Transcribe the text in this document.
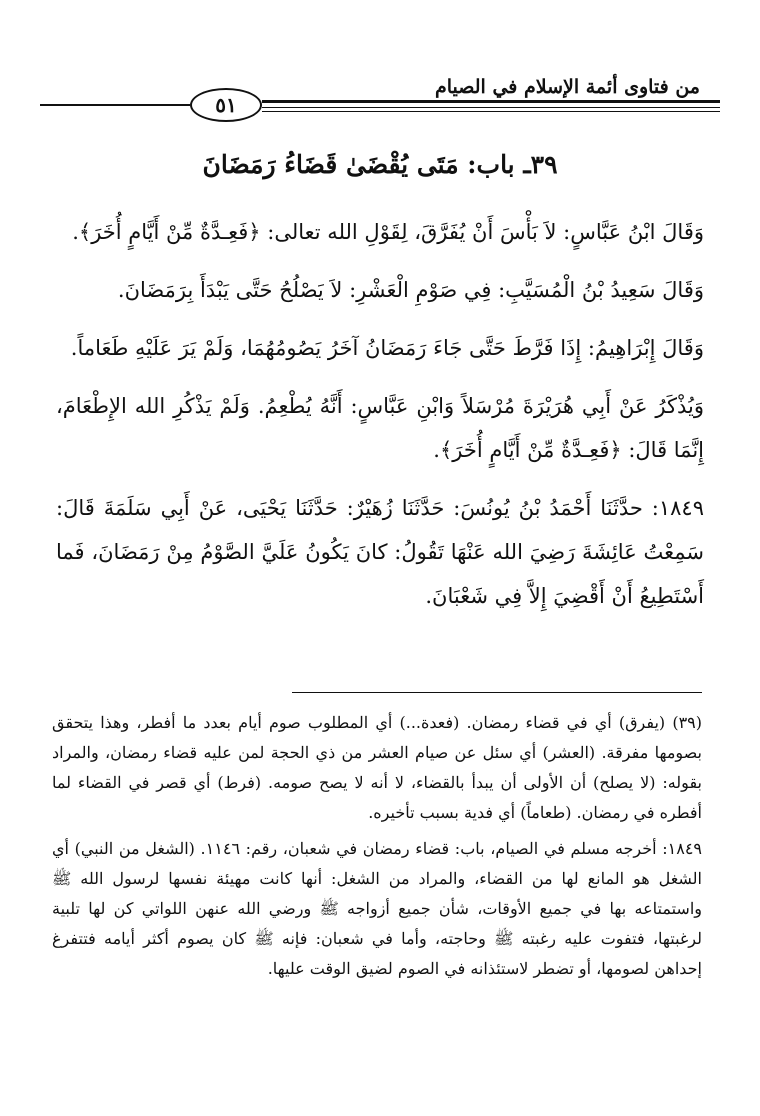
من فتاوى أئمة الإسلام في الصيام
٥١
٣٩ـ باب: مَتَى يُقْضَىٰ قَضَاءُ رَمَضَانَ

وَقَالَ ابْنُ عَبَّاسٍ: لاَ بَأْسَ أَنْ يُفَرَّقَ، لِقَوْلِ الله تعالى: ﴿فَعِـدَّةٌ مِّنْ أَيَّامٍ أُخَرَ﴾.

وَقَالَ سَعِيدُ بْنُ الْمُسَيَّبِ: فِي صَوْمِ الْعَشْرِ: لاَ يَصْلُحُ حَتَّى يَبْدَأَ بِرَمَضَانَ.

وَقَالَ إِبْرَاهِيمُ: إِذَا فَرَّطَ حَتَّى جَاءَ رَمَضَانُ آخَرُ يَصُومُهُمَا، وَلَمْ يَرَ عَلَيْهِ طَعَاماً.

وَيُذْكَرُ عَنْ أَبِي هُرَيْرَةَ مُرْسَلاً وَابْنِ عَبَّاسٍ: أَنَّهُ يُطْعِمُ. وَلَمْ يَذْكُرِ الله الإِطْعَامَ، إِنَّمَا قَالَ: ﴿فَعِـدَّةٌ مِّنْ أَيَّامٍ أُخَرَ﴾.

١٨٤٩: حدَّثَنَا أَحْمَدُ بْنُ يُونُسَ: حَدَّثَنَا زُهَيْرٌ: حَدَّثَنَا يَحْيَى، عَنْ أَبِي سَلَمَةَ قَالَ: سَمِعْتُ عَائِشَةَ رَضِيَ الله عَنْهَا تَقُولُ: كانَ يَكُونُ عَلَيَّ الصَّوْمُ مِنْ رَمَضَانَ، فَما أَسْتَطِيعُ أَنْ أَقْضِيَ إِلاَّ فِي شَعْبَانَ.

(٣٩) (يفرق) أي في قضاء رمضان. (فعدة...) أي المطلوب صوم أيام بعدد ما أفطر، وهذا يتحقق بصومها مفرقة. (العشر) أي سئل عن صيام العشر من ذي الحجة لمن عليه قضاء رمضان، والمراد بقوله: (لا يصلح) أن الأولى أن يبدأ بالقضاء، لا أنه لا يصح صومه. (فرط) أي قصر في القضاء لما أفطره في رمضان. (طعاماً) أي فدية بسبب تأخيره.

١٨٤٩: أخرجه مسلم في الصيام، باب: قضاء رمضان في شعبان، رقم: ١١٤٦. (الشغل من النبي) أي الشغل هو المانع لها من القضاء، والمراد من الشغل: أنها كانت مهيئة نفسها لرسول الله ﷺ واستمتاعه بها في جميع الأوقات، شأن جميع أزواجه ﷺ ورضي الله عنهن اللواتي كن لها تلبية لرغبتها، فتفوت عليه رغبته ﷺ وحاجته، وأما في شعبان: فإنه ﷺ كان يصوم أكثر أيامه فتتفرغ إحداهن لصومها، أو تضطر لاستئذانه في الصوم لضيق الوقت عليها.
